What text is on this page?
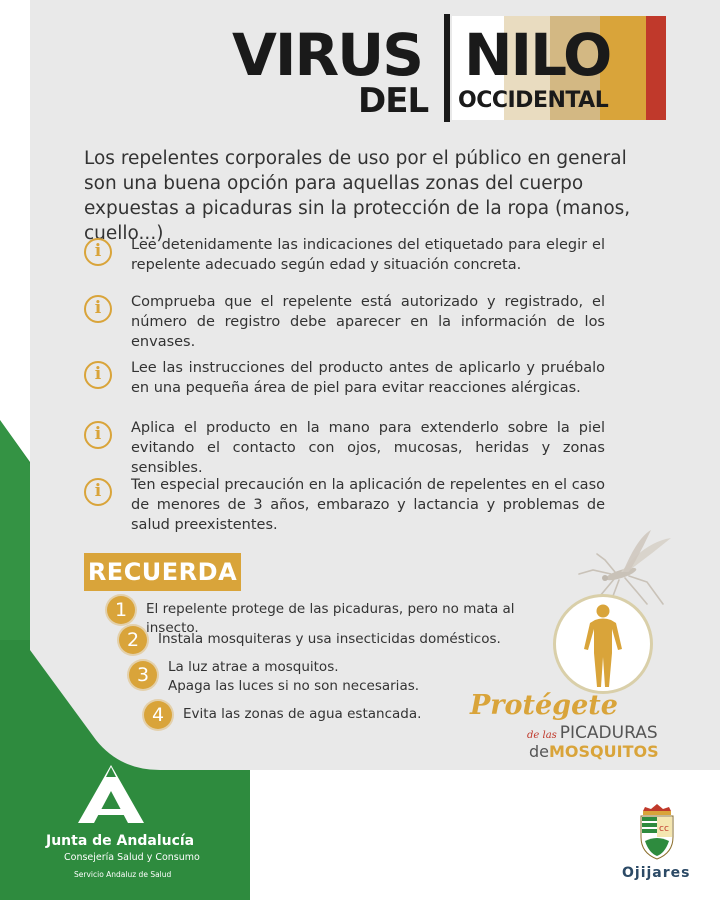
VIRUS
DEL
NILO
OCCIDENTAL
Los repelentes corporales de uso por el público en general son una buena opción para aquellas zonas del cuerpo expuestas a picaduras sin la protección de la ropa (manos, cuello...)
i	Lee detenidamente las indicaciones del etiquetado para elegir el repelente adecuado según edad y situación concreta.
i	Comprueba que el repelente está autorizado y registrado, el número de registro debe aparecer en la información de los envases.
i	Lee las instrucciones del producto antes de aplicarlo y pruébalo en una pequeña área de piel para evitar reacciones alérgicas.
i	Aplica el producto en la mano para extenderlo sobre la piel evitando el contacto con ojos, mucosas, heridas y zonas sensibles.
i	Ten especial precaución en la aplicación de repelentes en el caso de menores de 3 años, embarazo y lactancia y problemas de salud preexistentes.
RECUERDA
1	El repelente protege de las picaduras, pero no mata al insecto.
2	Instala mosquiteras y usa insecticidas domésticos.
3	La luz atrae a mosquitos.
Apaga las luces si no son necesarias.
4	Evita las zonas de agua estancada.	Protégete
de las PICADURAS
deMOSQUITOS
Junta de Andalucía
Consejería Salud y Consumo
Servicio Andaluz de Salud
cc
Ojijares
